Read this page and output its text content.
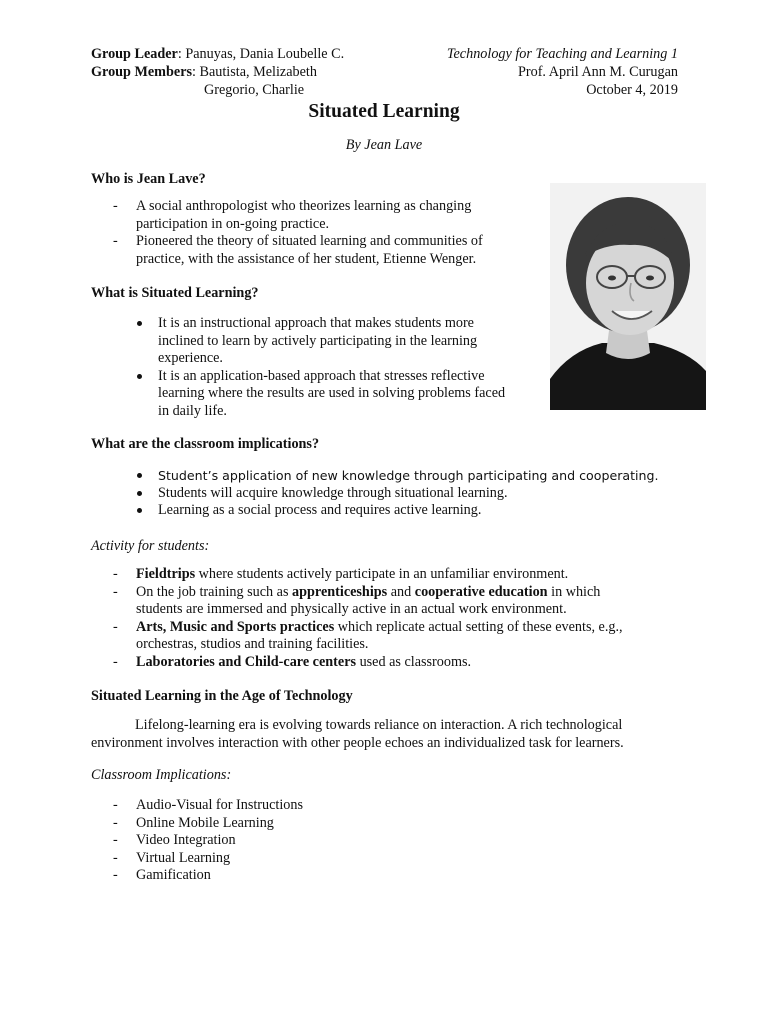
Group Leader: Panuyas, Dania Loubelle C.
Group Members: Bautista, Melizabeth
Gregorio, Charlie
Technology for Teaching and Learning 1
Prof. April Ann M. Curugan
October 4, 2019
Situated Learning
By Jean Lave
Who is Jean Lave?
- A social anthropologist who theorizes learning as changing
participation in on-going practice.
- Pioneered the theory of situated learning and communities of
practice, with the assistance of her student, Etienne Wenger.
What is Situated Learning?
It is an instructional approach that makes students more
inclined to learn by actively participating in the learning
experience.
It is an application-based approach that stresses reflective
learning where the results are used in solving problems faced
in daily life.
What are the classroom implications?
Student’s application of new knowledge through participating and cooperating.
Students will acquire knowledge through situational learning.
Learning as a social process and requires active learning.
Activity for students:
- Fieldtrips where students actively participate in an unfamiliar environment.
- On the job training such as apprenticeships and cooperative education in which
students are immersed and physically active in an actual work environment.
- Arts, Music and Sports practices which replicate actual setting of these events, e.g.,
orchestras, studios and training facilities.
- Laboratories and Child-care centers used as classrooms.
Situated Learning in the Age of Technology
Lifelong-learning era is evolving towards reliance on interaction. A rich technological environment involves interaction with other people echoes an individualized task for learners.
Classroom Implications:
- Audio-Visual for Instructions
- Online Mobile Learning
- Video Integration
- Virtual Learning
- Gamification
